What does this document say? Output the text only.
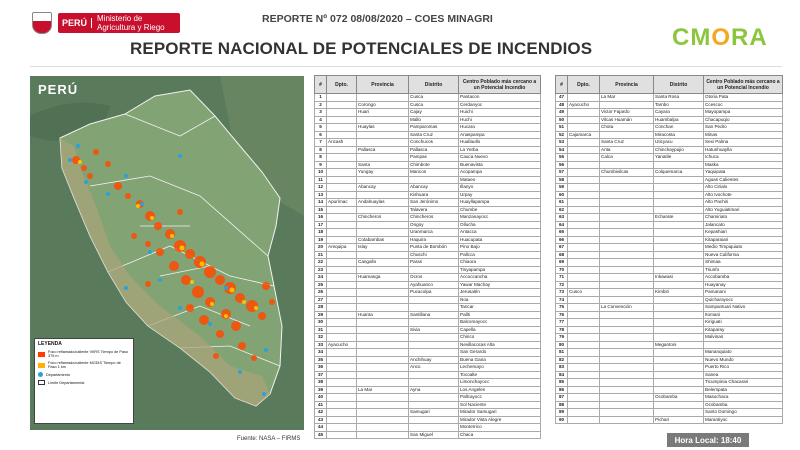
PERÚ	Ministerio de Agricultura y Riego
REPORTE Nº 072 08/08/2020 – COES MINAGRI
REPORTE NACIONAL DE POTENCIALES DE INCENDIOS	CMORA
PERÚ
LEYENDA
Foco reflamado/caliente VIIRS Tiempo de Paso 375 m
Foco reflamado/caliente MODIS Tiempo de Paso 1 km
Departamento
Límite Departamental
Fuente: NASA – FIRMS
#	Dpto.	Provincia	Distrito	Centro Poblado más cercano a un Potencial Incendio
1			Cusca	Pantacon
2		Corongo	Cusca	Cerdanyoc
3		Huari	Cajay	Huichi
4			Mallo	Huchi
5		Huaylas	Pamparomas	Hucara
6			Santa Cruz	Anaspampa
7	Áncash		Conchucos	Huallaullo
8		Pallasca	Pallasca	La Yerba
8			Pampas	Cauca Nuevo
9		Santa	Chimbote	Buenavista
10		Yungay	Mancos	Acopampa
11				Mataeo
12		Abancay	Abancay	Illanyo
13			Kishuara	Urpay
14	Apurímac	Andahuaylas	San Jerónimo	Huayllapampa
15			Talavera	Chumbe
16		Chincheros	Chincheros	Manzanayocc
17			Ongoy	Ollucha
18			Uranmarca	Antacca
19		Cotabambas	Haquira	Huacupata
20	Arequipa	Islay	Punta de Bombón	Pino Bajo
21			Chuschi	Pallcca
22		Cangallo	Paras	Chiaora
23				Tinyapampa
24		Huamanga	Ocros	Accoccancha
25			Ayahuanco	Yawar Machay
26			Pucacolpa	Jerusalén
27				Noa
28				Tancar
29		Huanta	Santillana	Pallti
30				Balcomayocc
31			Sivia	Capella
32				Chirico
33	Ayacucho			Nevillacocas Alta
34				San Gerardo
35			Anchihuay	Buena Gana
36			Anco	Lechemayo
37				Tocoalte
38				Limonchayocc
39		La Mar	Ayna	Los Angeles
40				Pallcayocc
41				Sol Naciente
42			Samugari	Mirador Samugari
43				Mirador Vista Alegre
44				Monterrico
45			San Miguel	Chaca
#	Dpto.	Provincia	Distrito	Centro Poblado más cercano a un Potencial Incendio
47		La Mar	Santa Rosa	Otoria Pata
48	Ayacucho		Tambo	Ccescoc
49		Victor Fajardo	Cayara	Mayopampa
50		Vilcas Huamán	Huambalpa	Chacapuqio
51		Chota	Conchan	San Pedro
52	Cajamarca		Miracosta	Minas
53		Santa Cruz	Uticyacu	Sexi Palma
54		Anta	Chinchaypujio	Hatunhuaylla
55		Calca	Yanatile	Ichuca
56				Maska
57		Chumbivilcas	Colquemarca	Yaquipata
58				Aguas Calientes
59				Alto Cirialo
60				Alto Ivochote
61				Alto Pachiri
62				Alto Yuguiatimari
63			Echarate	Chamiriato
64				Jalancato
65				Kepashiari
66				Kitaparaiari
67				Medio Timpiquiato
68				Nueva California
69				Shimaa
70				Triunfo
71			Inkawasi	Accobamba
72				Huayanay
73	Cusco		Kimbiri	Pamanani
74				Quicharayocc
75		La Convención		Sampantuari Nativo
76				Itomani
77				Kiriguati
78				Kitaparay
79				Malvinas
80			Megantoni	
81				Mananquiato
82				Nuevo Mundo
83				Puerto Rico
84				Sanea
85				Ticumpinia Chacarari
86				Belempata
87			Ocobamba	Masuchaca
88				Ocobamba
89				Santo Domingo
90			Pichari	Marantiyoc
Hora Local: 18:40
